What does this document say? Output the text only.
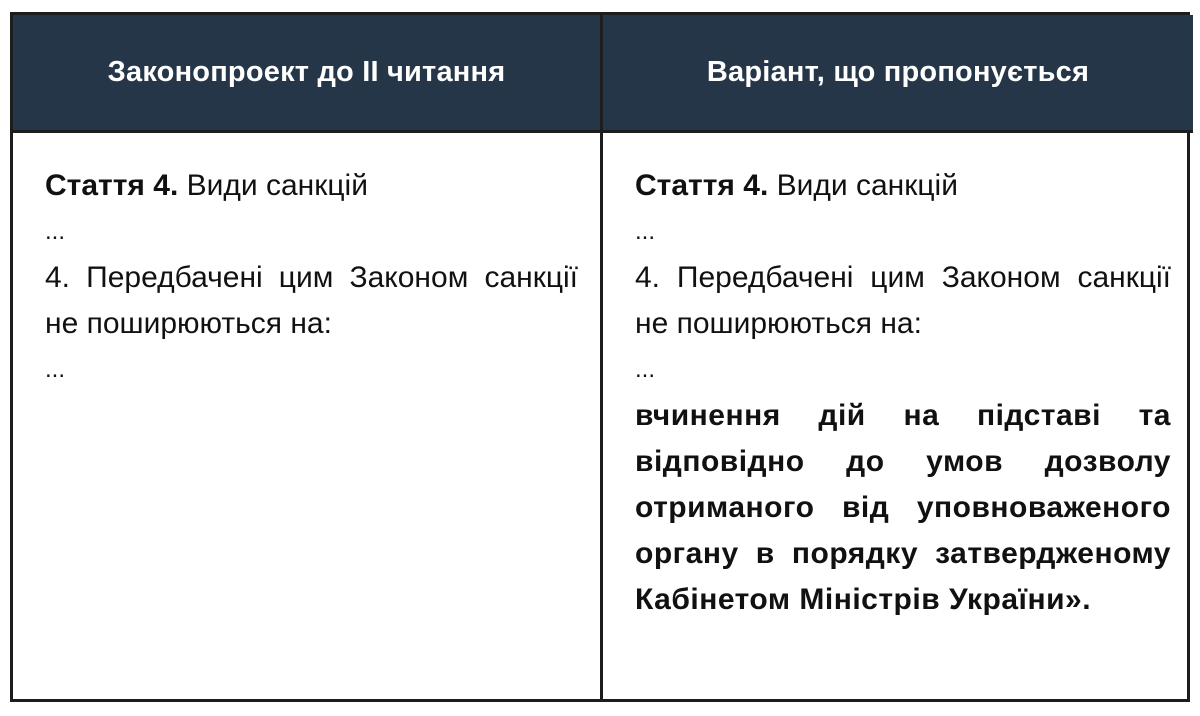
Законопроект до II читання	Варіант, що пропонується
Стаття 4. Види санкцій
...
4. Передбачені цим Законом санкції не поширюються на:
...
Стаття 4. Види санкцій
...
4. Передбачені цим Законом санкції не поширюються на:
...
вчинення дій на підставі та відповідно до умов дозволу отриманого від уповноваженого органу в порядку затвердженому Кабінетом Міністрів України».
